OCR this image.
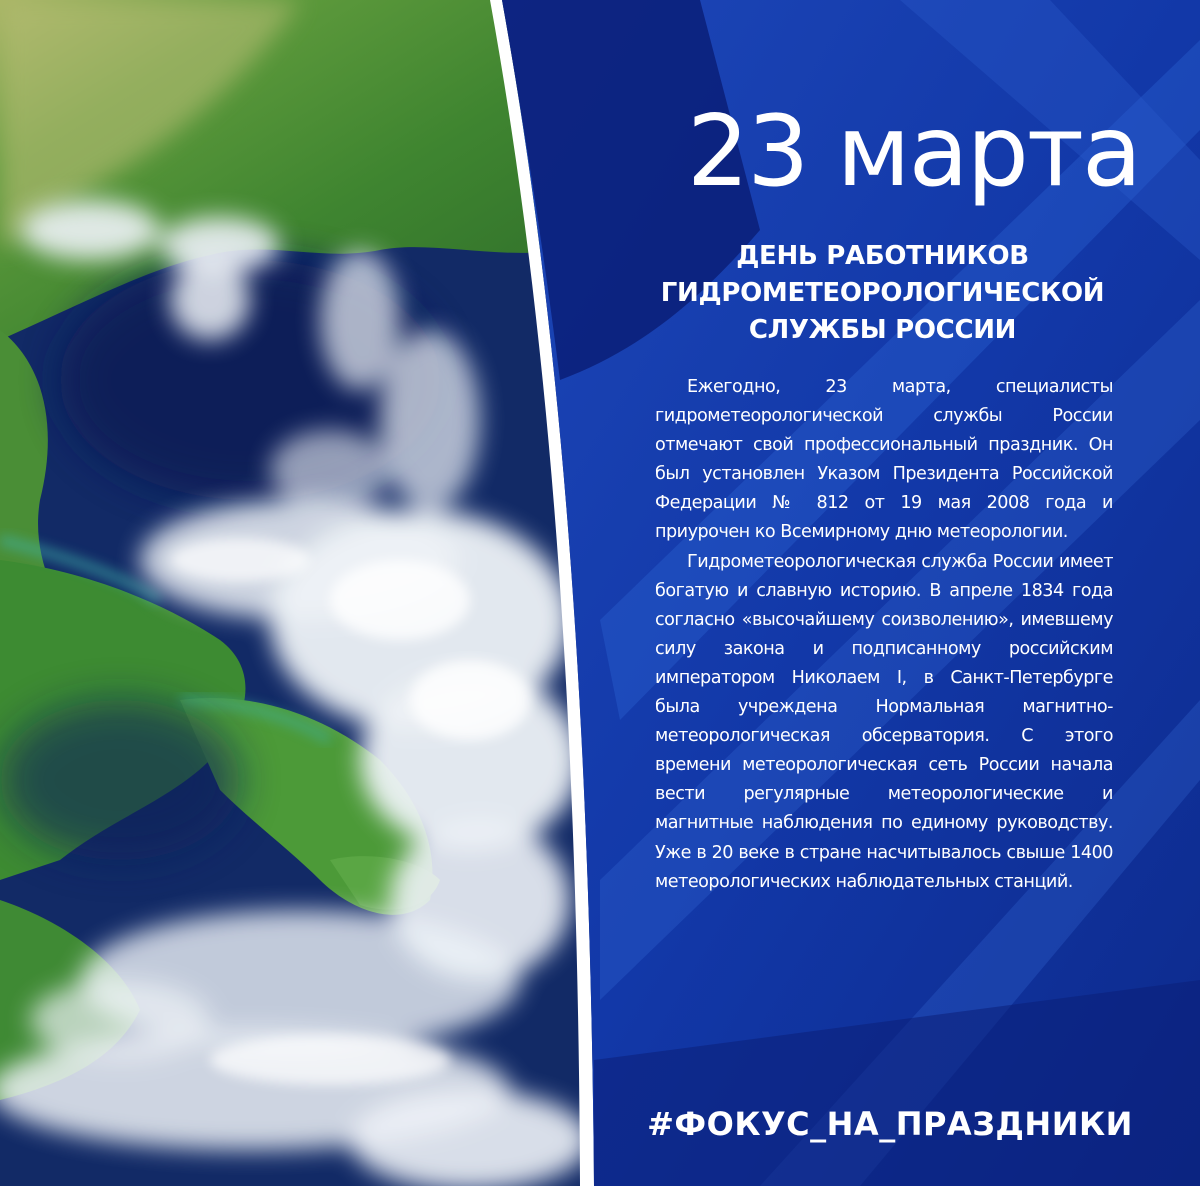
23 марта
ДЕНЬ РАБОТНИКОВ ГИДРОМЕТЕОРОЛОГИЧЕСКОЙ СЛУЖБЫ РОССИИ

Ежегодно, 23 марта, специалисты гидрометеорологической службы России отмечают свой профессиональный праздник. Он был установлен Указом Президента Российской Федерации № 812 от 19 мая 2008 года и приурочен ко Всемирному дню метеорологии.

Гидрометеорологическая служба России имеет богатую и славную историю. В апреле 1834 года согласно «высочайшему соизволению», имевшему силу закона и подписанному российским императором Николаем I, в Санкт-Петербурге была учреждена Нормальная магнитно-метеорологическая обсерватория. С этого времени метеорологическая сеть России начала вести регулярные метеорологические и магнитные наблюдения по единому руководству. Уже в 20 веке в стране насчитывалось свыше 1400 метеорологических наблюдательных станций.

#ФОКУС_НА_ПРАЗДНИКИ
